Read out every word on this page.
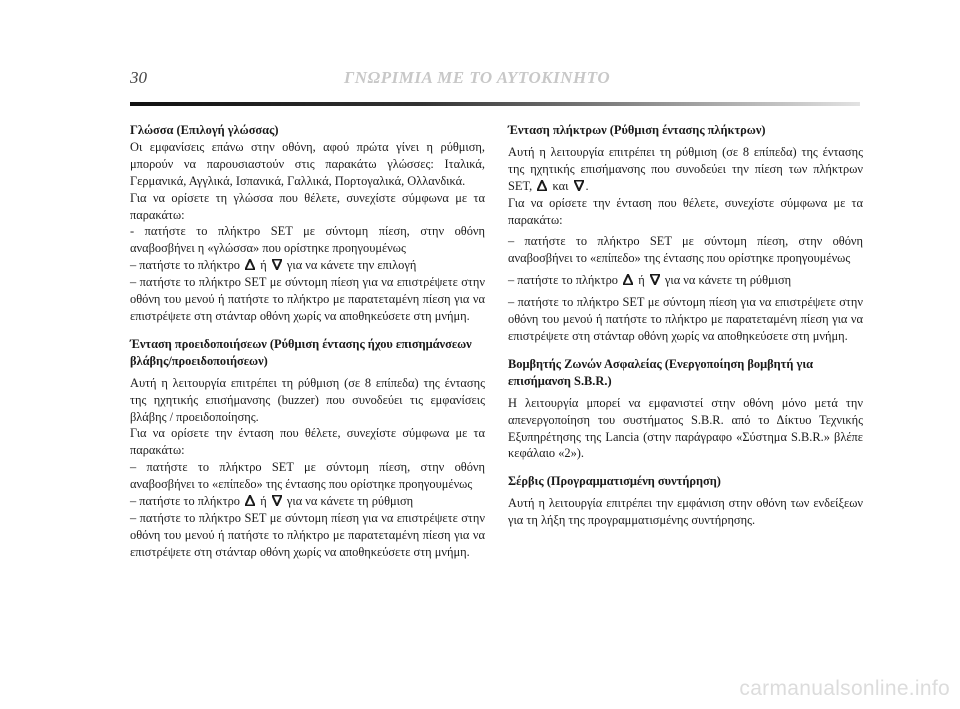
30	ΓΝΩΡΙΜΙΑ ΜΕ ΤΟ ΑΥΤΟΚΙΝΗΤΟ
Γλώσσα (Επιλογή γλώσσας)

Οι εμφανίσεις επάνω στην οθόνη, αφού πρώτα γίνει η ρύθμιση, μπορούν να παρουσιαστούν στις παρακάτω γλώσσες: Ιταλικά, Γερμανικά, Αγγλικά, Ισπανικά, Γαλλικά, Πορτογαλικά, Ολλανδικά.

Για να ορίσετε τη γλώσσα που θέλετε, συνεχίστε σύμφωνα με τα παρακάτω:

- πατήστε το πλήκτρο SET με σύντομη πίεση, στην οθόνη αναβοσβήνει η «γλώσσα» που ορίστηκε προηγουμένως

– πατήστε το πλήκτρο ή για να κάνετε την επιλογή

– πατήστε το πλήκτρο SET με σύντομη πίεση για να επιστρέψετε στην οθόνη του μενού ή πατήστε το πλήκτρο με παρατεταμένη πίεση για να επιστρέψετε στη στάνταρ οθόνη χωρίς να αποθηκεύσετε στη μνήμη.

Ένταση προειδοποιήσεων (Ρύθμιση έντασης ήχου επισημάνσεων βλάβης/προειδοποιήσεων)

Αυτή η λειτουργία επιτρέπει τη ρύθμιση (σε 8 επίπεδα) της έντασης της ηχητικής επισήμανσης (buzzer) που συνοδεύει τις εμφανίσεις βλάβης / προειδοποίησης.

Για να ορίσετε την ένταση που θέλετε, συνεχίστε σύμφωνα με τα παρακάτω:

– πατήστε το πλήκτρο SET με σύντομη πίεση, στην οθόνη αναβοσβήνει το «επίπεδο» της έντασης που ορίστηκε προηγουμένως

– πατήστε το πλήκτρο ή για να κάνετε τη ρύθμιση

– πατήστε το πλήκτρο SET με σύντομη πίεση για να επιστρέψετε στην οθόνη του μενού ή πατήστε το πλήκτρο με παρατεταμένη πίεση για να επιστρέψετε στη στάνταρ οθόνη χωρίς να αποθηκεύσετε στη μνήμη.

Ένταση πλήκτρων (Ρύθμιση έντασης πλήκτρων)

Αυτή η λειτουργία επιτρέπει τη ρύθμιση (σε 8 επίπεδα) της έντασης της ηχητικής επισήμανσης που συνοδεύει την πίεση των πλήκτρων SET, και .

Για να ορίσετε την ένταση που θέλετε, συνεχίστε σύμφωνα με τα παρακάτω:

– πατήστε το πλήκτρο SET με σύντομη πίεση, στην οθόνη αναβοσβήνει το «επίπεδο» της έντασης που ορίστηκε προηγουμένως

– πατήστε το πλήκτρο ή για να κάνετε τη ρύθμιση

– πατήστε το πλήκτρο SET με σύντομη πίεση για να επιστρέψετε στην οθόνη του μενού ή πατήστε το πλήκτρο με παρατεταμένη πίεση για να επιστρέψετε στη στάνταρ οθόνη χωρίς να αποθηκεύσετε στη μνήμη.

Βομβητής Ζωνών Ασφαλείας (Ενεργοποίηση βομβητή για επισήμανση S.B.R.)

Η λειτουργία μπορεί να εμφανιστεί στην οθόνη μόνο μετά την απενεργοποίηση του συστήματος S.B.R. από το Δίκτυο Τεχνικής Εξυπηρέτησης της Lancia (στην παράγραφο «Σύστημα S.B.R.» βλέπε κεφάλαιο «2»).

Σέρβις (Προγραμματισμένη συντήρηση)

Αυτή η λειτουργία επιτρέπει την εμφάνιση στην οθόνη των ενδείξεων για τη λήξη της προγραμματισμένης συντήρησης.

carmanualsonline.info
